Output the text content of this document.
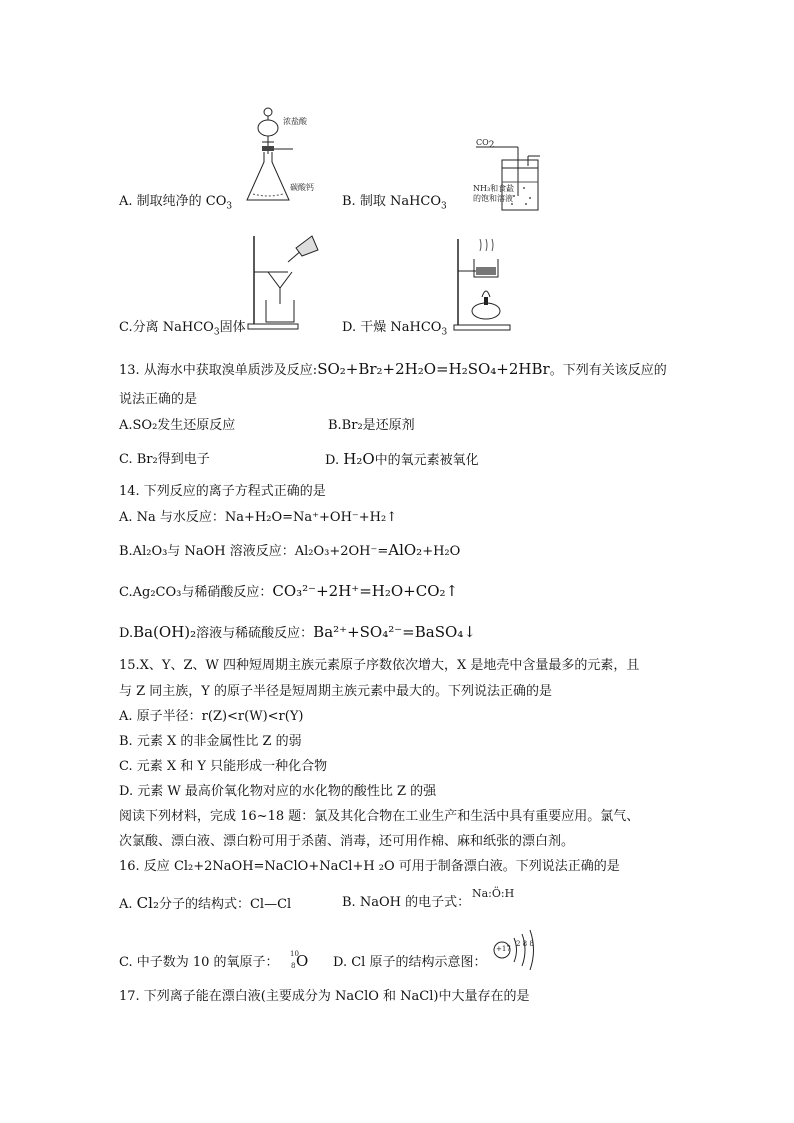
浓盐酸
碳酸钙
$CO_2$
NH₃和食盐
的饱和溶液
A. 制取纯净的 $CO_3$	B. 制取 NaHCO$_3$
C.分离 NaHCO$_3$固体	D. 干燥 NaHCO$_3$
13. 从海水中获取溴单质涉及反应:SO₂+Br₂+2H₂O=H₂SO₄+2HBr。下列有关该反应的
说法正确的是
A.SO₂发生还原反应	B.Br₂是还原剂
C. Br₂得到电子	D. H₂O中的氧元素被氧化
14. 下列反应的离子方程式正确的是
A. Na 与水反应：Na+H₂O=Na⁺+OH⁻+H₂↑
B.Al₂O₃与 NaOH 溶液反应：Al₂O₃+2OH⁻=AlO₂+H₂O
C.Ag₂CO₃与稀硝酸反应：CO₃²⁻+2H⁺=H₂O+CO₂↑
D.Ba(OH)₂溶液与稀硫酸反应：Ba²⁺+SO₄²⁻=BaSO₄↓
15.X、Y、Z、W 四种短周期主族元素原子序数依次增大，X 是地壳中含量最多的元素，且
与 Z 同主族，Y 的原子半径是短周期主族元素中最大的。下列说法正确的是
A. 原子半径：r(Z)<r(W)<r(Y)
B. 元素 X 的非金属性比 Z 的弱
C. 元素 X 和 Y 只能形成一种化合物
D. 元素 W 最高价氧化物对应的水化物的酸性比 Z 的强
阅读下列材料，完成 16~18 题：氯及其化合物在工业生产和生活中具有重要应用。氯气、
次氯酸、漂白液、漂白粉可用于杀菌、消毒，还可用作棉、麻和纸张的漂白剂。
16. 反应 Cl₂+2NaOH=NaClO+NaCl+H ₂O 可用于制备漂白液。下列说法正确的是
A. Cl₂分子的结构式：Cl—Cl	B. NaOH 的电子式：
Na:Ö:H
C. 中子数为 10 的氧原子：
10
8 O D. Cl 原子的结构示意图：
+17
2 8 8
17. 下列离子能在漂白液(主要成分为 NaClO 和 NaCl)中大量存在的是
